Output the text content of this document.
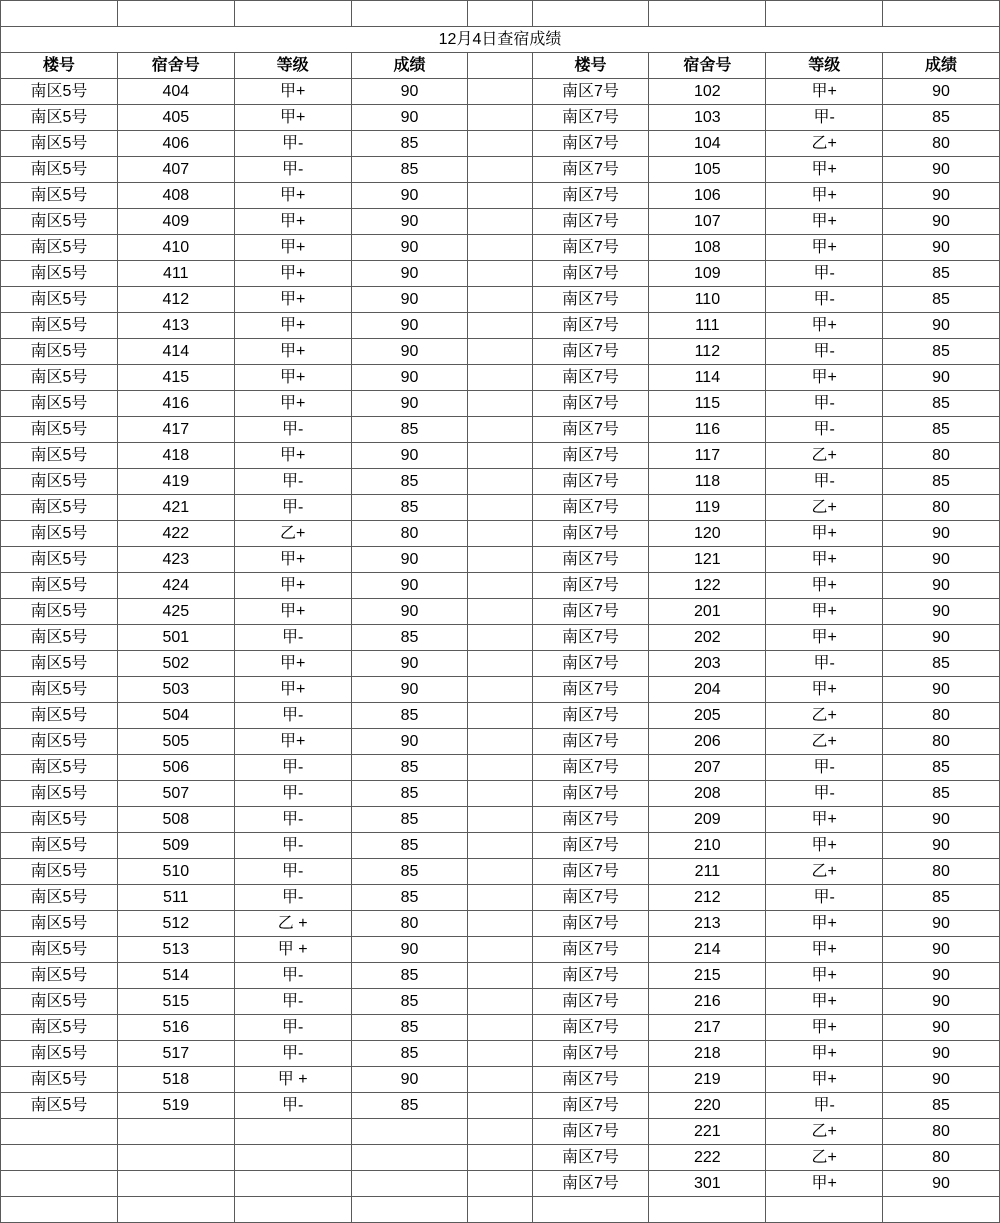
12月4日查宿成绩								
楼号	宿舍号	等级	成绩		楼号	宿舍号	等级	成绩
南区5号	404	甲+	90		南区7号	102	甲+	90
南区5号	405	甲+	90		南区7号	103	甲-	85
南区5号	406	甲-	85		南区7号	104	乙+	80
南区5号	407	甲-	85		南区7号	105	甲+	90
南区5号	408	甲+	90		南区7号	106	甲+	90
南区5号	409	甲+	90		南区7号	107	甲+	90
南区5号	410	甲+	90		南区7号	108	甲+	90
南区5号	411	甲+	90		南区7号	109	甲-	85
南区5号	412	甲+	90		南区7号	110	甲-	85
南区5号	413	甲+	90		南区7号	111	甲+	90
南区5号	414	甲+	90		南区7号	112	甲-	85
南区5号	415	甲+	90		南区7号	114	甲+	90
南区5号	416	甲+	90		南区7号	115	甲-	85
南区5号	417	甲-	85		南区7号	116	甲-	85
南区5号	418	甲+	90		南区7号	117	乙+	80
南区5号	419	甲-	85		南区7号	118	甲-	85
南区5号	421	甲-	85		南区7号	119	乙+	80
南区5号	422	乙+	80		南区7号	120	甲+	90
南区5号	423	甲+	90		南区7号	121	甲+	90
南区5号	424	甲+	90		南区7号	122	甲+	90
南区5号	425	甲+	90		南区7号	201	甲+	90
南区5号	501	甲-	85		南区7号	202	甲+	90
南区5号	502	甲+	90		南区7号	203	甲-	85
南区5号	503	甲+	90		南区7号	204	甲+	90
南区5号	504	甲-	85		南区7号	205	乙+	80
南区5号	505	甲+	90		南区7号	206	乙+	80
南区5号	506	甲-	85		南区7号	207	甲-	85
南区5号	507	甲-	85		南区7号	208	甲-	85
南区5号	508	甲-	85		南区7号	209	甲+	90
南区5号	509	甲-	85		南区7号	210	甲+	90
南区5号	510	甲-	85		南区7号	211	乙+	80
南区5号	511	甲-	85		南区7号	212	甲-	85
南区5号	512	乙 +	80		南区7号	213	甲+	90
南区5号	513	甲 +	90		南区7号	214	甲+	90
南区5号	514	甲-	85		南区7号	215	甲+	90
南区5号	515	甲-	85		南区7号	216	甲+	90
南区5号	516	甲-	85		南区7号	217	甲+	90
南区5号	517	甲-	85		南区7号	218	甲+	90
南区5号	518	甲 +	90		南区7号	219	甲+	90
南区5号	519	甲-	85		南区7号	220	甲-	85
					南区7号	221	乙+	80
					南区7号	222	乙+	80
					南区7号	301	甲+	90
